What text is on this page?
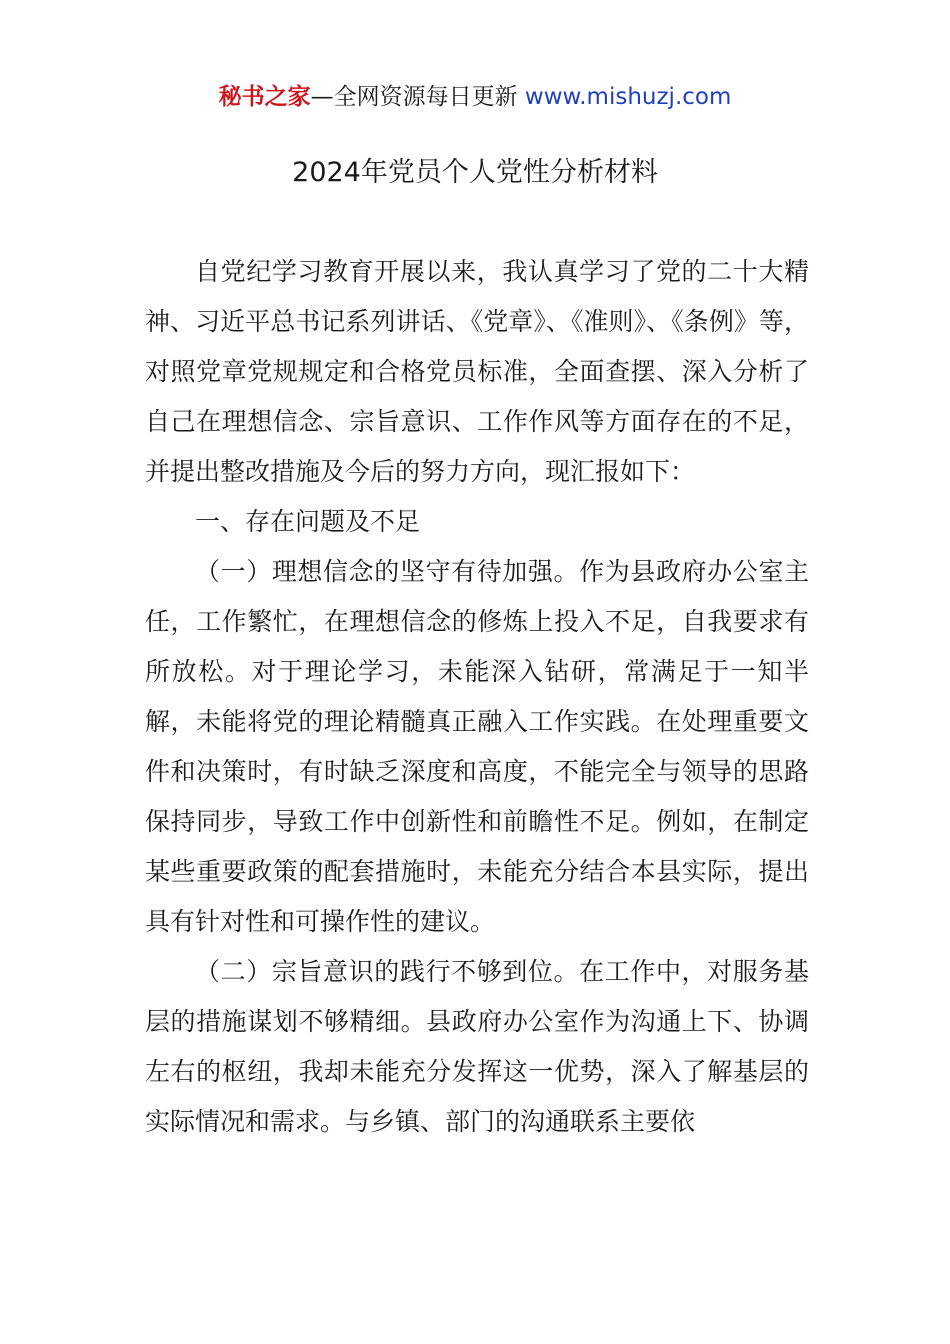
秘书之家—全网资源每日更新 www.mishuzj.com
2024年党员个人党性分析材料

自党纪学习教育开展以来，我认真学习了党的二十大精神、习近平总书记系列讲话、《党章》、《准则》、《条例》等，对照党章党规规定和合格党员标准，全面查摆、深入分析了自己在理想信念、宗旨意识、工作作风等方面存在的不足，并提出整改措施及今后的努力方向，现汇报如下：

一、存在问题及不足

（一）理想信念的坚守有待加强。作为县政府办公室主任，工作繁忙，在理想信念的修炼上投入不足，自我要求有所放松。对于理论学习，未能深入钻研，常满足于一知半解，未能将党的理论精髓真正融入工作实践。在处理重要文件和决策时，有时缺乏深度和高度，不能完全与领导的思路保持同步，导致工作中创新性和前瞻性不足。例如，在制定某些重要政策的配套措施时，未能充分结合本县实际，提出具有针对性和可操作性的建议。

（二）宗旨意识的践行不够到位。在工作中，对服务基层的措施谋划不够精细。县政府办公室作为沟通上下、协调左右的枢纽，我却未能充分发挥这一优势，深入了解基层的实际情况和需求。与乡镇、部门的沟通联系主要依
